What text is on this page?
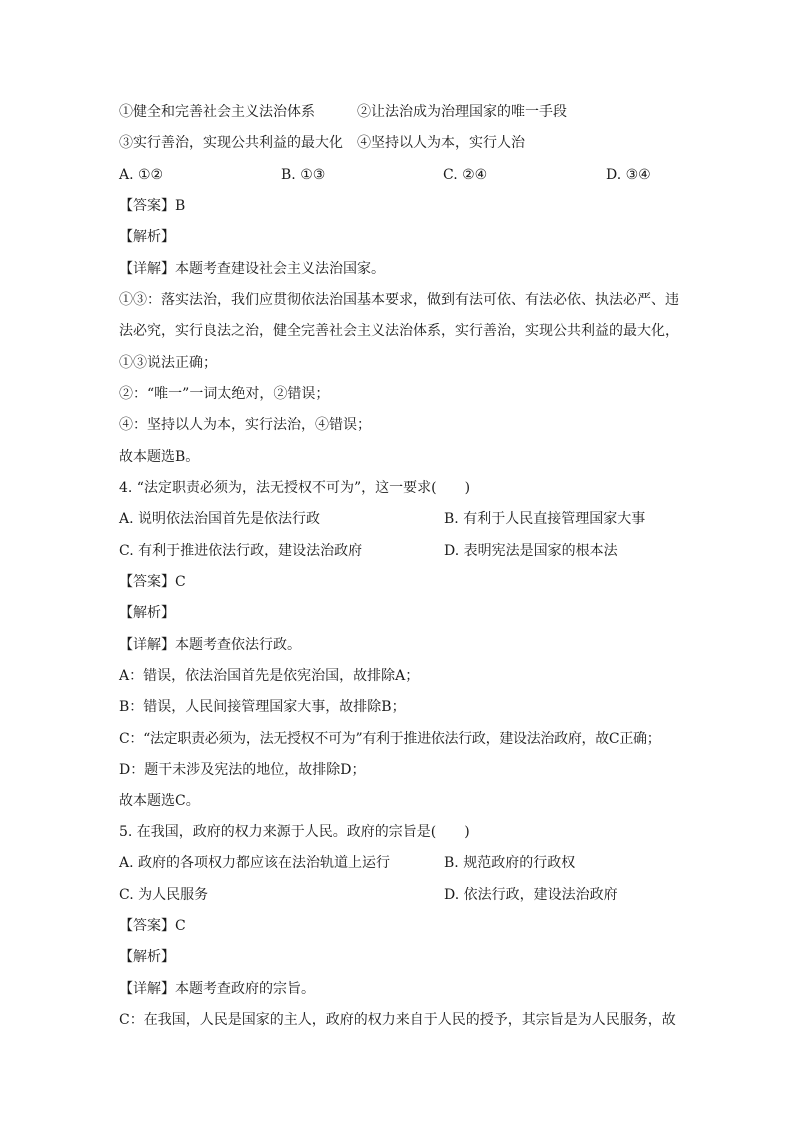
①健全和完善社会主义法治体系	②让法治成为治理国家的唯一手段
③实行善治，实现公共利益的最大化 ④坚持以人为本，实行人治
A. ①②	B. ①③	C. ②④	D. ③④
【答案】B
【解析】
【详解】本题考查建设社会主义法治国家。
①③：落实法治，我们应贯彻依法治国基本要求，做到有法可依、有法必依、执法必严、违
法必究，实行良法之治，健全完善社会主义法治体系，实行善治，实现公共利益的最大化，
①③说法正确；
②：“唯一”一词太绝对，②错误；
④：坚持以人为本，实行法治，④错误；
故本题选B。
4. “法定职责必须为，法无授权不可为”，这一要求(　　)
A. 说明依法治国首先是依法行政	B. 有利于人民直接管理国家大事
C. 有利于推进依法行政，建设法治政府	D. 表明宪法是国家的根本法
【答案】C
【解析】
【详解】本题考查依法行政。
A：错误，依法治国首先是依宪治国，故排除A；
B：错误，人民间接管理国家大事，故排除B；
C：“法定职责必须为，法无授权不可为”有利于推进依法行政，建设法治政府，故C正确；
D：题干未涉及宪法的地位，故排除D；
故本题选C。
5. 在我国，政府的权力来源于人民。政府的宗旨是(　　)
A. 政府的各项权力都应该在法治轨道上运行	B. 规范政府的行政权
C. 为人民服务	D. 依法行政，建设法治政府
【答案】C
【解析】
【详解】本题考查政府的宗旨。
C：在我国，人民是国家的主人，政府的权力来自于人民的授予，其宗旨是为人民服务，故
